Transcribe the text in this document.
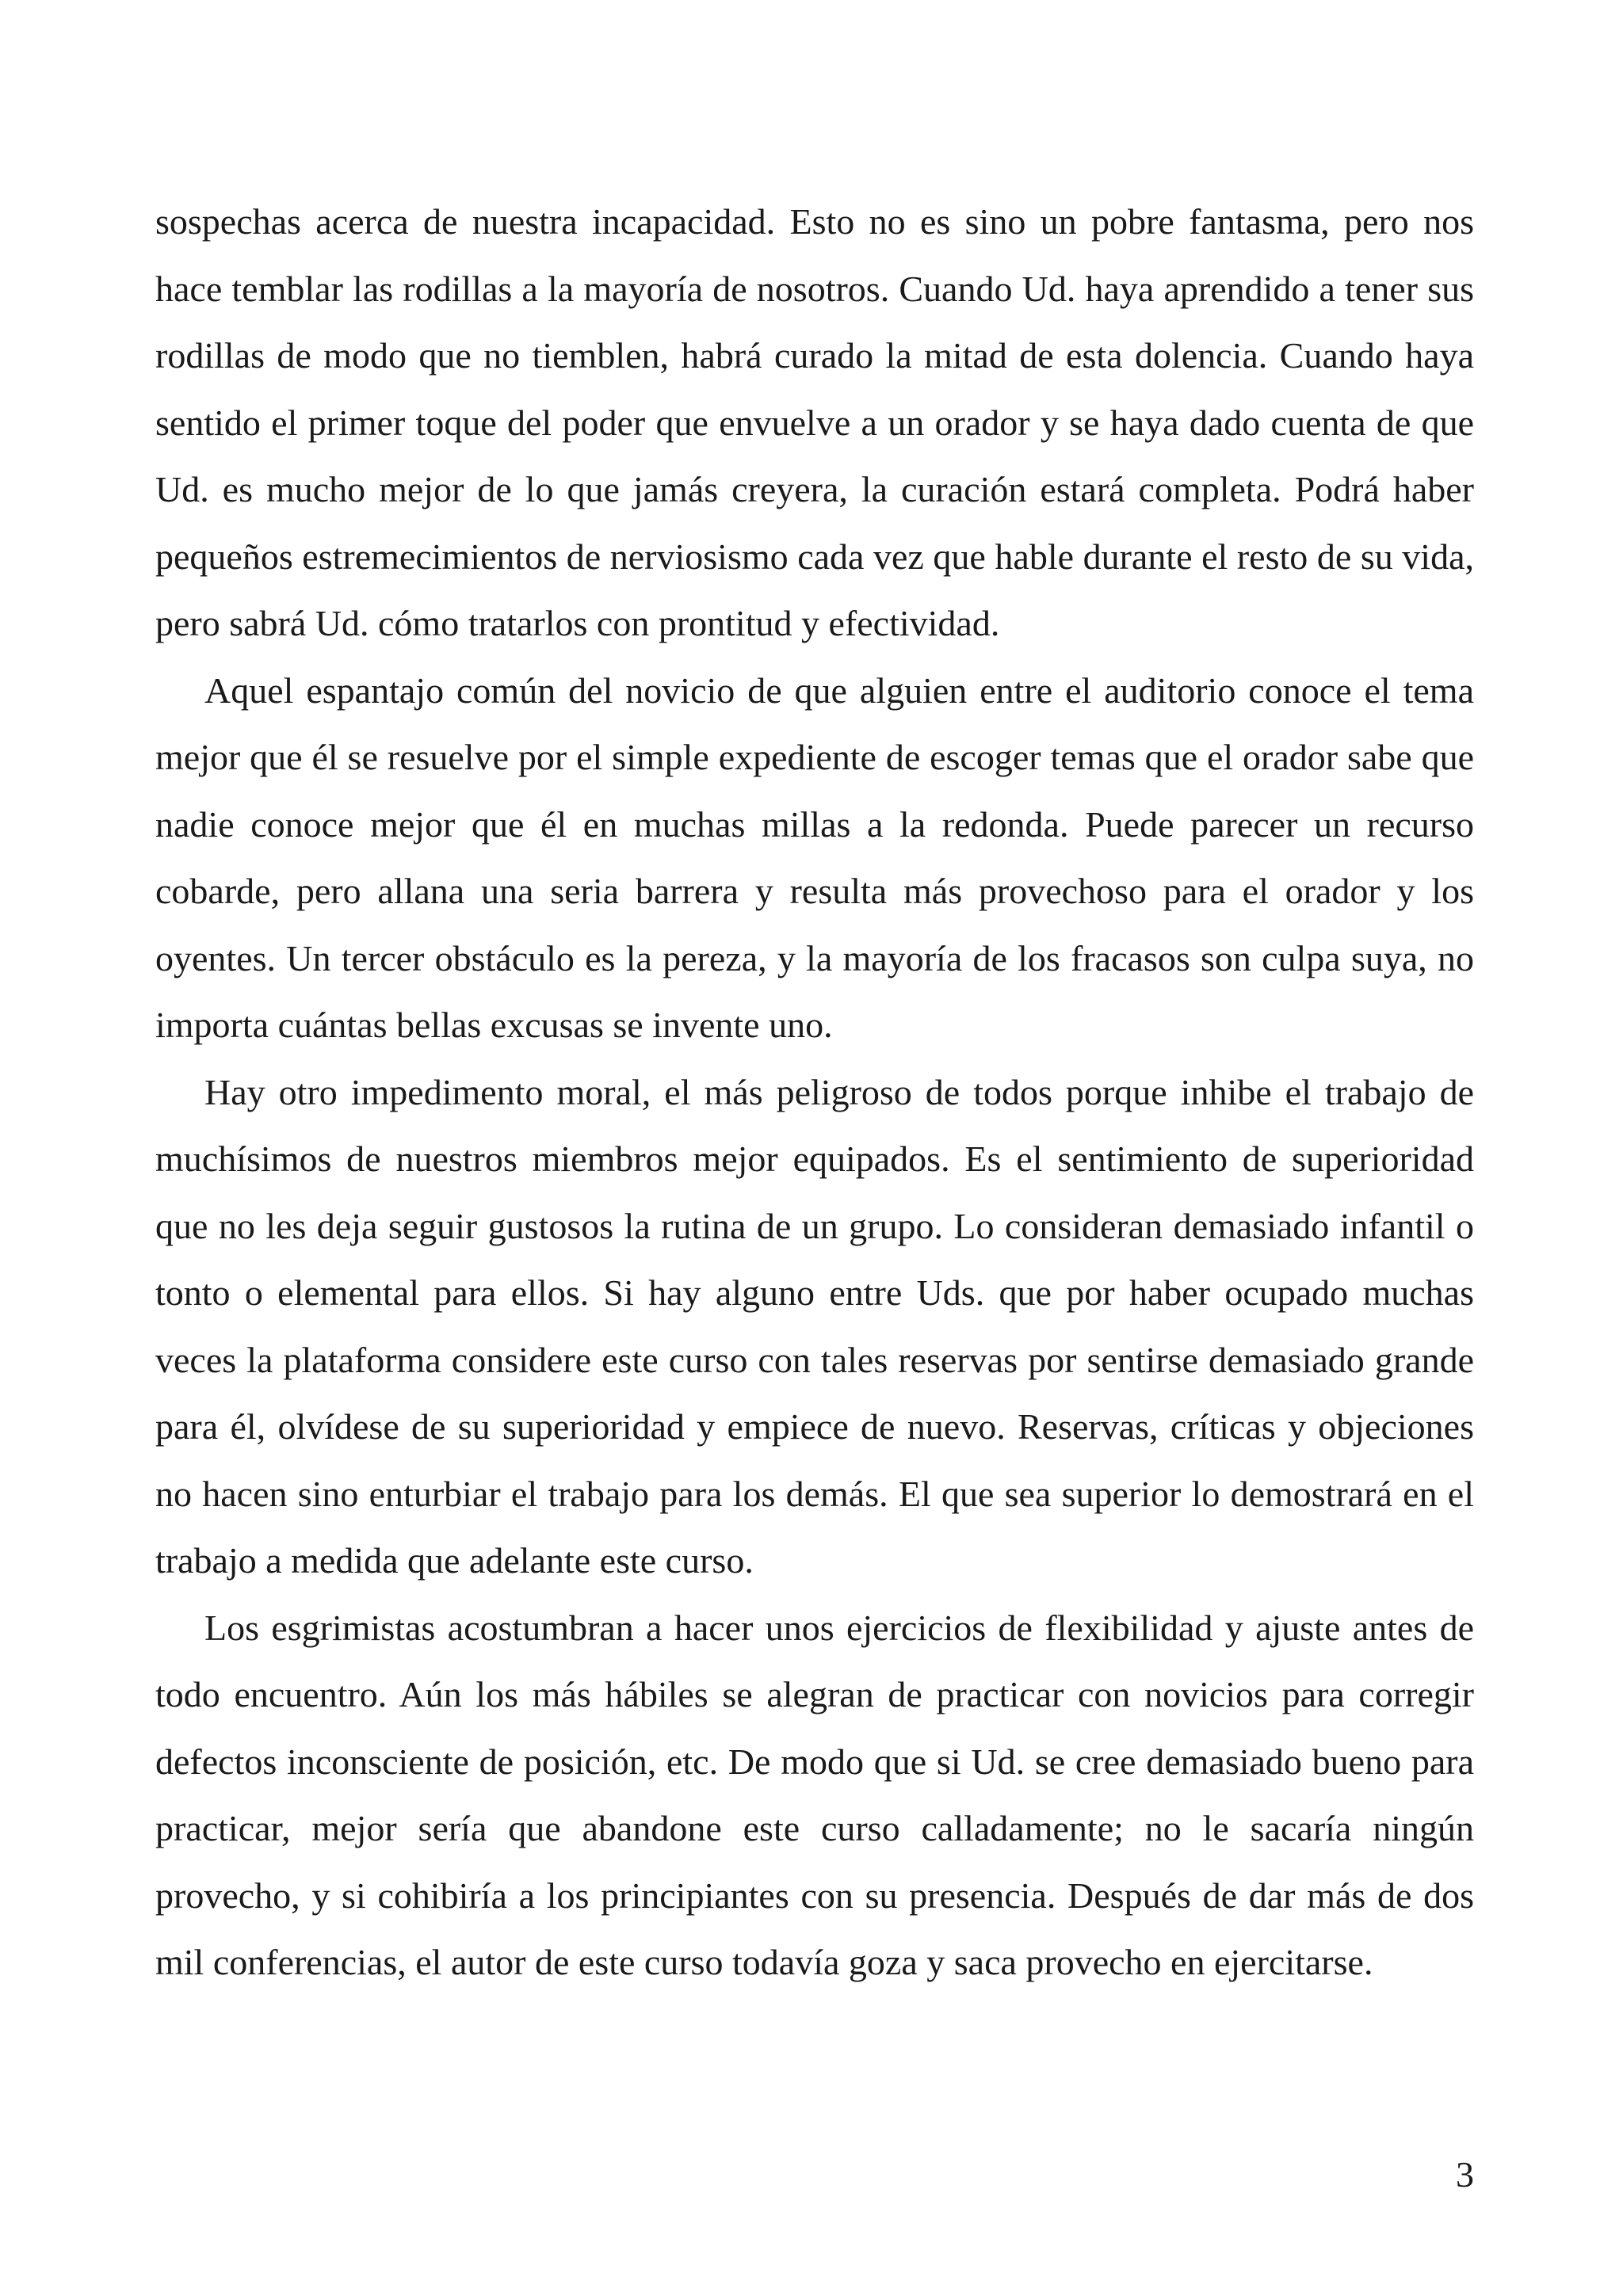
sospechas acerca de nuestra incapacidad. Esto no es sino un pobre fantasma, pero nos hace temblar las rodillas a la mayoría de nosotros. Cuando Ud. haya aprendido a tener sus rodillas de modo que no tiemblen, habrá curado la mitad de esta dolencia. Cuando haya sentido el primer toque del poder que envuelve a un orador y se haya dado cuenta de que Ud. es mucho mejor de lo que jamás creyera, la curación estará completa. Podrá haber pequeños estremecimientos de nerviosismo cada vez que hable durante el resto de su vida, pero sabrá Ud. cómo tratarlos con prontitud y efectividad.

Aquel espantajo común del novicio de que alguien entre el auditorio conoce el tema mejor que él se resuelve por el simple expediente de escoger temas que el orador sabe que nadie conoce mejor que él en muchas millas a la redonda. Puede parecer un recurso cobarde, pero allana una seria barrera y resulta más provechoso para el orador y los oyentes. Un tercer obstáculo es la pereza, y la mayoría de los fracasos son culpa suya, no importa cuántas bellas excusas se invente uno.

Hay otro impedimento moral, el más peligroso de todos porque inhibe el trabajo de muchísimos de nuestros miembros mejor equipados. Es el sentimiento de superioridad que no les deja seguir gustosos la rutina de un grupo. Lo consideran demasiado infantil o tonto o elemental para ellos. Si hay alguno entre Uds. que por haber ocupado muchas veces la plataforma considere este curso con tales reservas por sentirse demasiado grande para él, olvídese de su superioridad y empiece de nuevo. Reservas, críticas y objeciones no hacen sino enturbiar el trabajo para los demás. El que sea superior lo demostrará en el trabajo a medida que adelante este curso.

Los esgrimistas acostumbran a hacer unos ejercicios de flexibilidad y ajuste antes de todo encuentro. Aún los más hábiles se alegran de practicar con novicios para corregir defectos inconsciente de posición, etc. De modo que si Ud. se cree demasiado bueno para practicar, mejor sería que abandone este curso calladamente; no le sacaría ningún provecho, y si cohibiría a los principiantes con su presencia. Después de dar más de dos mil conferencias, el autor de este curso todavía goza y saca provecho en ejercitarse.

3
